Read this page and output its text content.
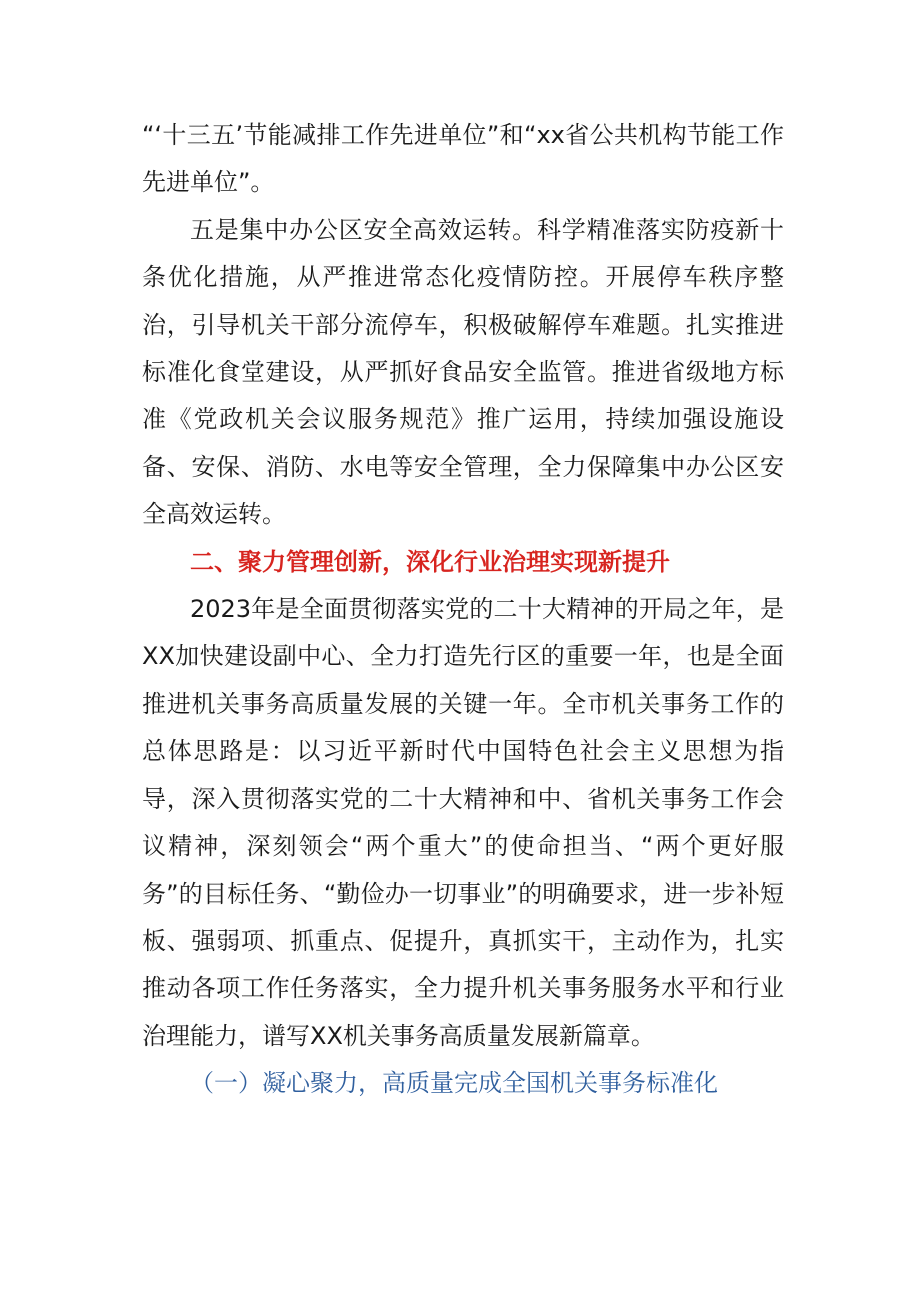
“‘十三五’节能减排工作先进单位”和“xx省公共机构节能工作先进单位”。

五是集中办公区安全高效运转。科学精准落实防疫新十条优化措施，从严推进常态化疫情防控。开展停车秩序整治，引导机关干部分流停车，积极破解停车难题。扎实推进标准化食堂建设，从严抓好食品安全监管。推进省级地方标准《党政机关会议服务规范》推广运用，持续加强设施设备、安保、消防、水电等安全管理，全力保障集中办公区安全高效运转。

二、聚力管理创新，深化行业治理实现新提升

2023年是全面贯彻落实党的二十大精神的开局之年，是XX加快建设副中心、全力打造先行区的重要一年，也是全面推进机关事务高质量发展的关键一年。全市机关事务工作的总体思路是：以习近平新时代中国特色社会主义思想为指导，深入贯彻落实党的二十大精神和中、省机关事务工作会议精神，深刻领会“两个重大”的使命担当、“两个更好服务”的目标任务、“勤俭办一切事业”的明确要求，进一步补短板、强弱项、抓重点、促提升，真抓实干，主动作为，扎实推动各项工作任务落实，全力提升机关事务服务水平和行业治理能力，谱写XX机关事务高质量发展新篇章。

（一）凝心聚力，高质量完成全国机关事务标准化
